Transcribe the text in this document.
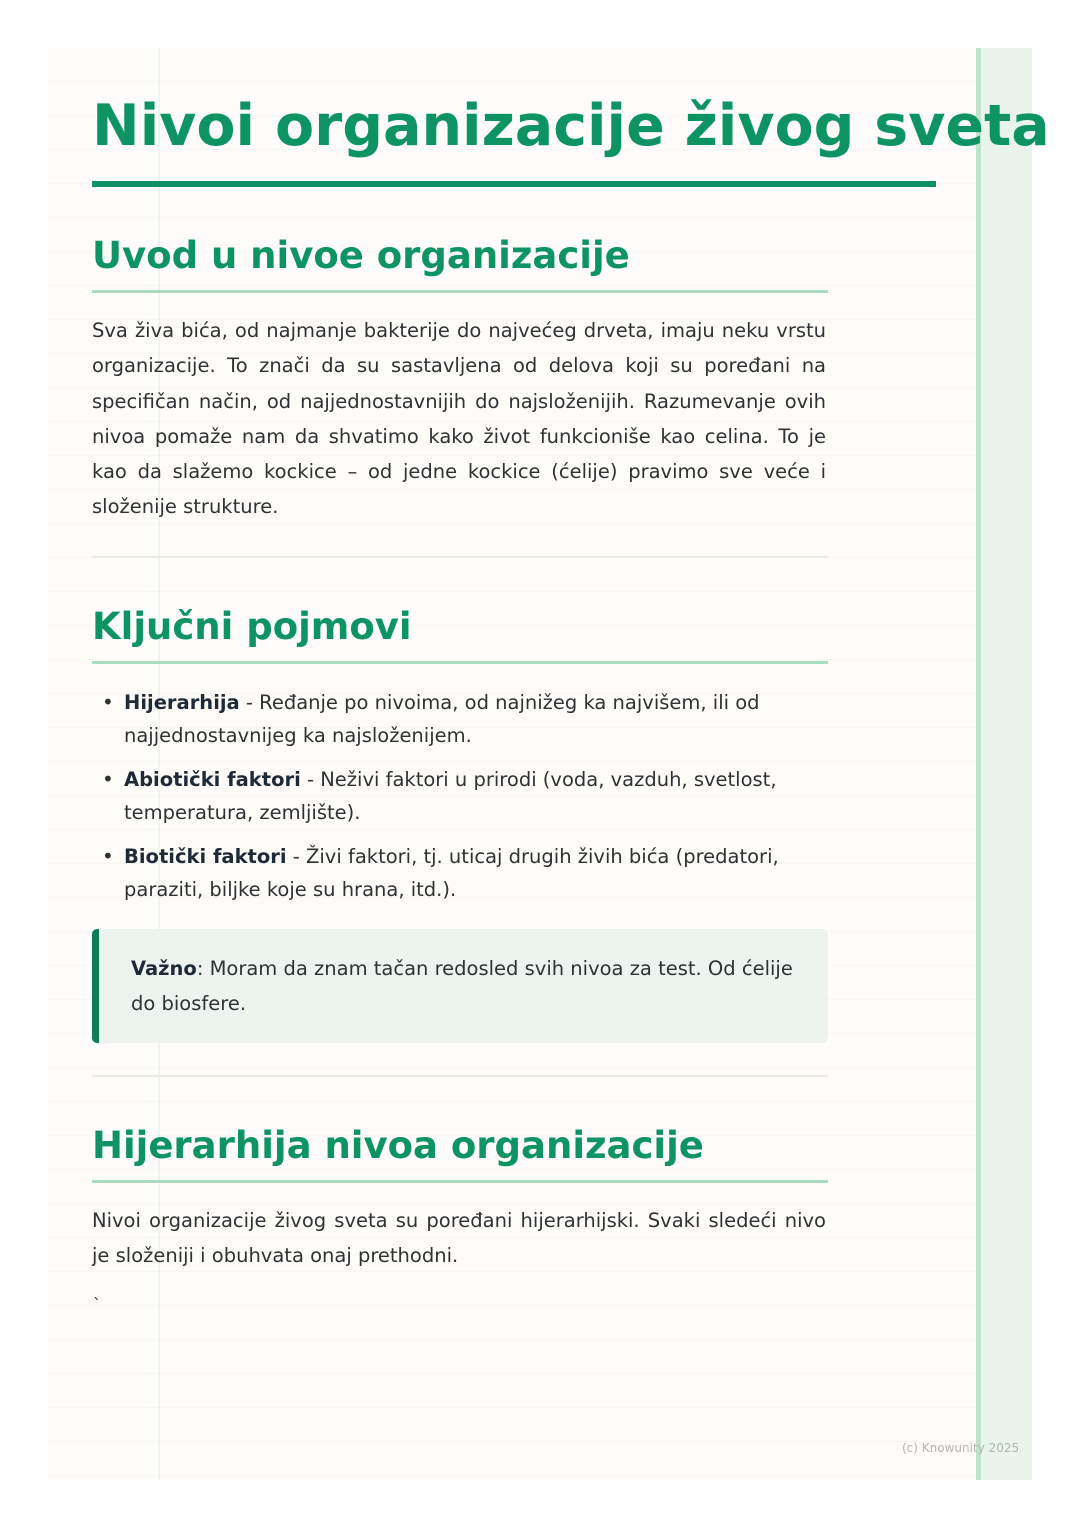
Nivoi organizacije živog sveta
Uvod u nivoe organizacije

Sva živa bića, od najmanje bakterije do najvećeg drveta, imaju neku vrstu organizacije. To znači da su sastavljena od delova koji su poređani na specifičan način, od najjednostavnijih do najsloženijih. Razumevanje ovih nivoa pomaže nam da shvatimo kako život funkcioniše kao celina. To je kao da slažemo kockice – od jedne kockice (ćelije) pravimo sve veće i složenije strukture.

Ključni pojmovi
• Hijerarhija - Ređanje po nivoima, od najnižeg ka najvišem, ili od najjednostavnijeg ka najsloženijem.
• Abiotički faktori - Neživi faktori u prirodi (voda, vazduh, svetlost, temperatura, zemljište).
• Biotički faktori - Živi faktori, tj. uticaj drugih živih bića (predatori, paraziti, biljke koje su hrana, itd.).
Važno: Moram da znam tačan redosled svih nivoa za test. Od ćelije do biosfere.
Hijerarhija nivoa organizacije

Nivoi organizacije živog sveta su poređani hijerarhijski. Svaki sledeći nivo je složeniji i obuhvata onaj prethodni.

`
(c) Knowunity 2025
